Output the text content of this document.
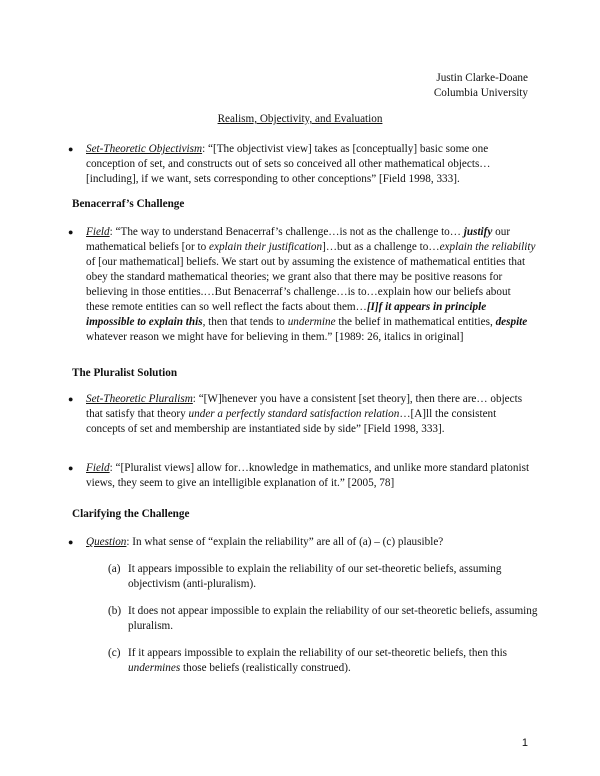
Justin Clarke-Doane
Columbia University
Realism, Objectivity, and Evaluation
● Set-Theoretic Objectivism: “[The objectivist view] takes as [conceptually] basic some one conception of set, and constructs out of sets so conceived all other mathematical objects…[including], if we want, sets corresponding to other conceptions” [Field 1998, 333].
Benacerraf’s Challenge
● Field: “The way to understand Benacerraf’s challenge…is not as the challenge to… justify our mathematical beliefs [or to explain their justification]…but as a challenge to…explain the reliability of [our mathematical] beliefs. We start out by assuming the existence of mathematical entities that obey the standard mathematical theories; we grant also that there may be positive reasons for believing in those entities.…But Benacerraf’s challenge…is to…explain how our beliefs about these remote entities can so well reflect the facts about them…[I]f it appears in principle impossible to explain this, then that tends to undermine the belief in mathematical entities, despite whatever reason we might have for believing in them.” [1989: 26, italics in original]
The Pluralist Solution
● Set-Theoretic Pluralism: “[W]henever you have a consistent [set theory], then there are… objects that satisfy that theory under a perfectly standard satisfaction relation…[A]ll the consistent concepts of set and membership are instantiated side by side” [Field 1998, 333].
● Field: “[Pluralist views] allow for…knowledge in mathematics, and unlike more standard platonist views, they seem to give an intelligible explanation of it.” [2005, 78]
Clarifying the Challenge
● Question: In what sense of “explain the reliability” are all of (a) – (c) plausible?
(a) It appears impossible to explain the reliability of our set-theoretic beliefs, assuming objectivism (anti-pluralism).
(b) It does not appear impossible to explain the reliability of our set-theoretic beliefs, assuming pluralism.
(c) If it appears impossible to explain the reliability of our set-theoretic beliefs, then this undermines those beliefs (realistically construed).
1
